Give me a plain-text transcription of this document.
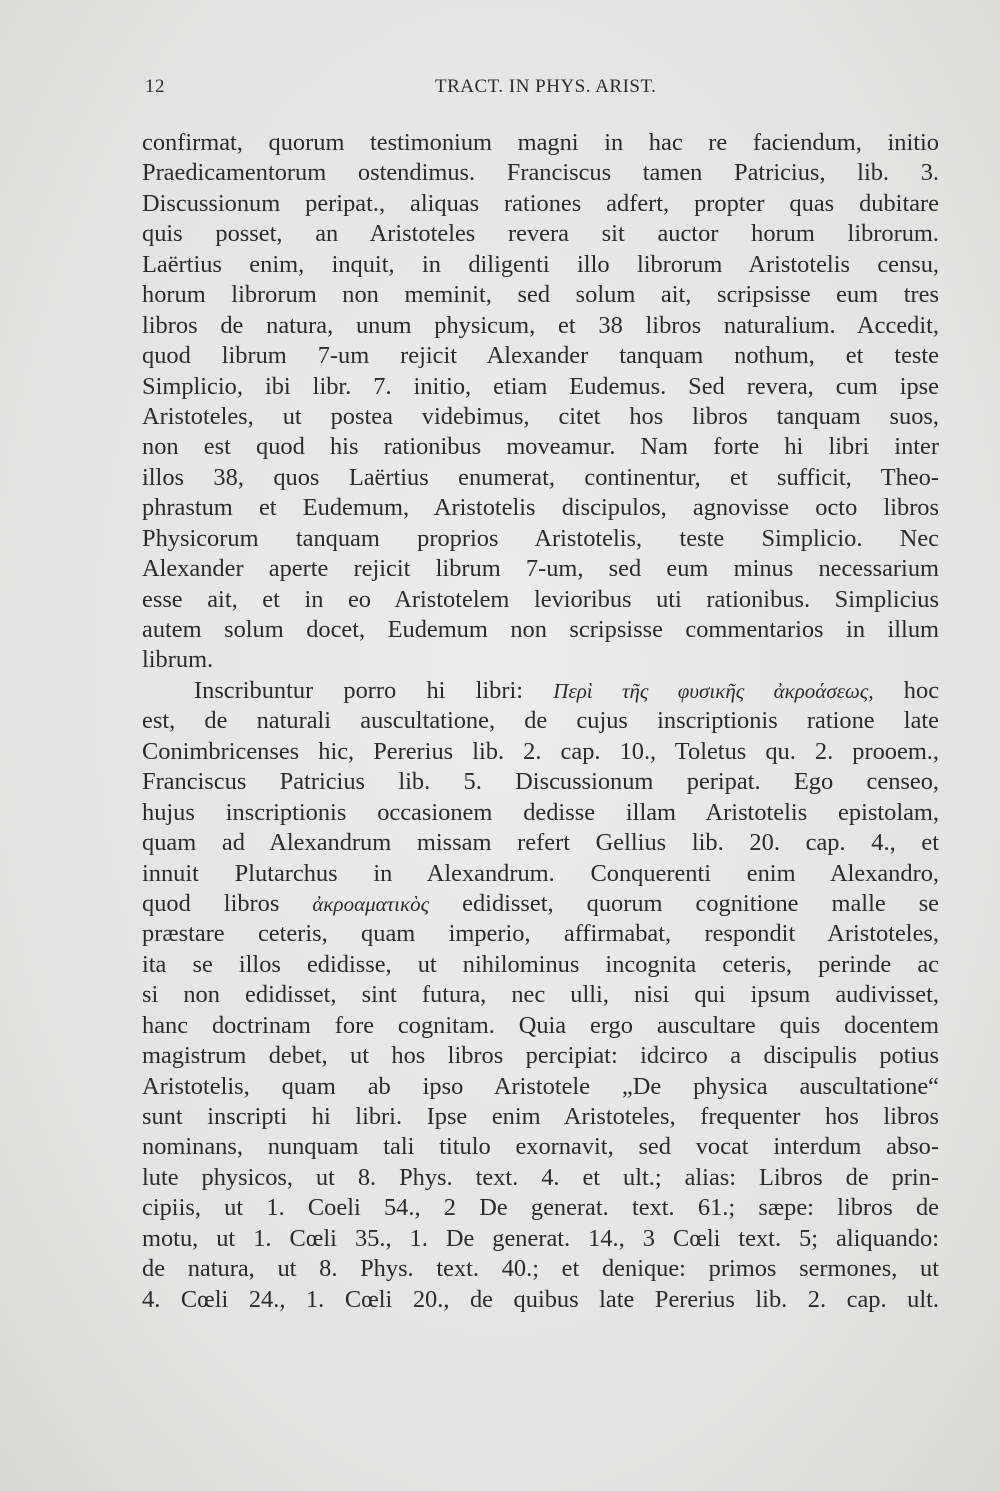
12	TRACT. IN PHYS. ARIST.
confirmat, quorum testimonium magni in hac re faciendum, initio
Praedicamentorum ostendimus. Franciscus tamen Patricius, lib. 3.
Discussionum peripat., aliquas rationes adfert, propter quas dubitare
quis posset, an Aristoteles revera sit auctor horum librorum.
Laërtius enim, inquit, in diligenti illo librorum Aristotelis censu,
horum librorum non meminit, sed solum ait, scripsisse eum tres
libros de natura, unum physicum, et 38 libros naturalium. Accedit,
quod librum 7-um rejicit Alexander tanquam nothum, et teste
Simplicio, ibi libr. 7. initio, etiam Eudemus. Sed revera, cum ipse
Aristoteles, ut postea videbimus, citet hos libros tanquam suos,
non est quod his rationibus moveamur. Nam forte hi libri inter
illos 38, quos Laërtius enumerat, continentur, et sufficit, Theo-
phrastum et Eudemum, Aristotelis discipulos, agnovisse octo libros
Physicorum tanquam proprios Aristotelis, teste Simplicio. Nec
Alexander aperte rejicit librum 7-um, sed eum minus necessarium
esse ait, et in eo Aristotelem levioribus uti rationibus. Simplicius
autem solum docet, Eudemum non scripsisse commentarios in illum
librum.
Inscribuntur porro hi libri: Περὶ τῆς φυσικῆς ἀκροάσεως, hoc
est, de naturali auscultatione, de cujus inscriptionis ratione late
Conimbricenses hic, Pererius lib. 2. cap. 10., Toletus qu. 2. prooem.,
Franciscus Patricius lib. 5. Discussionum peripat. Ego censeo,
hujus inscriptionis occasionem dedisse illam Aristotelis epistolam,
quam ad Alexandrum missam refert Gellius lib. 20. cap. 4., et
innuit Plutarchus in Alexandrum. Conquerenti enim Alexandro,
quod libros ἀκροαματικὸς edidisset, quorum cognitione malle se
præstare ceteris, quam imperio, affirmabat, respondit Aristoteles,
ita se illos edidisse, ut nihilominus incognita ceteris, perinde ac
si non edidisset, sint futura, nec ulli, nisi qui ipsum audivisset,
hanc doctrinam fore cognitam. Quia ergo auscultare quis docentem
magistrum debet, ut hos libros percipiat: idcirco a discipulis potius
Aristotelis, quam ab ipso Aristotele „De physica auscultatione“
sunt inscripti hi libri. Ipse enim Aristoteles, frequenter hos libros
nominans, nunquam tali titulo exornavit, sed vocat interdum abso-
lute physicos, ut 8. Phys. text. 4. et ult.; alias: Libros de prin-
cipiis, ut 1. Coeli 54., 2 De generat. text. 61.; sæpe: libros de
motu, ut 1. Cœli 35., 1. De generat. 14., 3 Cœli text. 5; aliquando:
de natura, ut 8. Phys. text. 40.; et denique: primos sermones, ut
4. Cœli 24., 1. Cœli 20., de quibus late Pererius lib. 2. cap. ult.
